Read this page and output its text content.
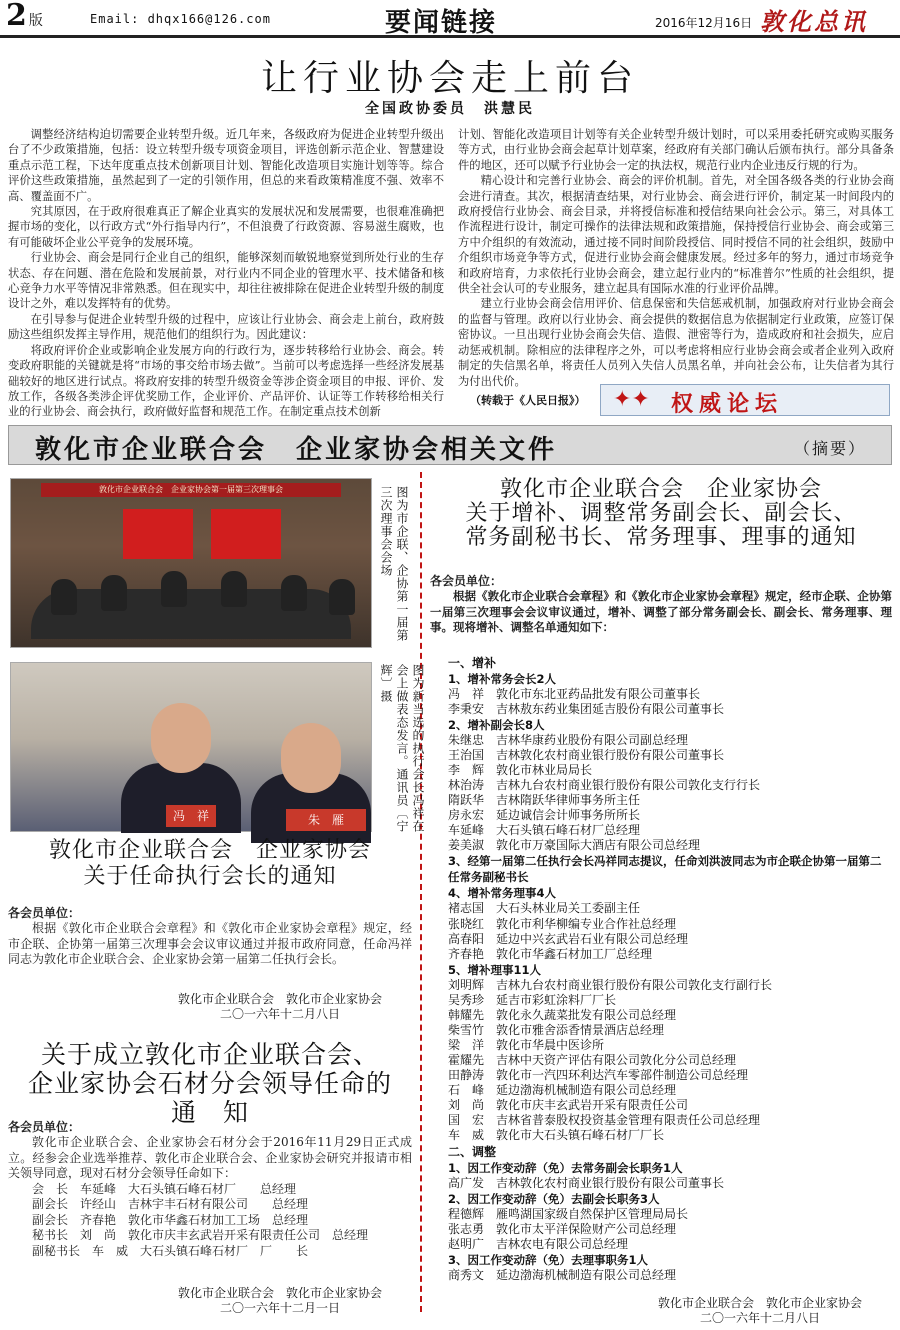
2 版	Email: dhqx166@126.com	要闻链接	2016年12月16日 敦化总讯
让行业协会走上前台
全国政协委员　洪慧民

调整经济结构迫切需要企业转型升级。近几年来，各级政府为促进企业转型升级出台了不少政策措施，包括：设立转型升级专项资金项目，评选创新示范企业、智慧建设重点示范工程，下达年度重点技术创新项目计划、智能化改造项目实施计划等等。综合评价这些政策措施，虽然起到了一定的引领作用，但总的来看政策精准度不强、效率不高、覆盖面不广。

究其原因，在于政府很难真正了解企业真实的发展状况和发展需要，也很难准确把握市场的变化，以行政方式“外行指导内行”，不但浪费了行政资源、容易滋生腐败，也有可能破坏企业公平竞争的发展环境。

行业协会、商会是同行企业自己的组织，能够深刻而敏锐地察觉到所处行业的生存状态、存在问题、潜在危险和发展前景，对行业内不同企业的管理水平、技术储备和核心竞争力水平等情况非常熟悉。但在现实中，却往往被排除在促进企业转型升级的制度设计之外，难以发挥特有的优势。

在引导参与促进企业转型升级的过程中，应该让行业协会、商会走上前台，政府鼓励这些组织发挥主导作用，规范他们的组织行为。因此建议：

将政府评价企业或影响企业发展方向的行政行为，逐步转移给行业协会、商会。转变政府职能的关键就是将“市场的事交给市场去做”。当前可以考虑选择一些经济发展基础较好的地区进行试点。将政府安排的转型升级资金等涉企资金项目的申报、评价、发放工作，各级各类涉企评优奖励工作，企业评价、产品评价、认证等工作转移给相关行业的行业协会、商会执行，政府做好监督和规范工作。在制定重点技术创新

计划、智能化改造项目计划等有关企业转型升级计划时，可以采用委托研究或购买服务等方式，由行业协会商会起草计划草案，经政府有关部门确认后颁布执行。部分具备条件的地区，还可以赋予行业协会一定的执法权，规范行业内企业违反行规的行为。

精心设计和完善行业协会、商会的评价机制。首先，对全国各级各类的行业协会商会进行清查。其次，根据清查结果，对行业协会、商会进行评价，制定某一时间段内的政府授信行业协会、商会目录，并将授信标准和授信结果向社会公示。第三，对具体工作流程进行设计，制定可操作的法律法规和政策措施，保持授信行业协会、商会或第三方中介组织的有效流动，通过接不同时间阶段授信、同时授信不同的社会组织，鼓励中介组织市场竞争等方式，促进行业协会商会健康发展。经过多年的努力，通过市场竞争和政府培育，力求依托行业协会商会，建立起行业内的“标准普尔”性质的社会组织，提供全社会认可的专业服务，建立起具有国际水准的行业评价品牌。

建立行业协会商会信用评价、信息保密和失信惩戒机制，加强政府对行业协会商会的监督与管理。政府以行业协会、商会提供的数据信息为依据制定行业政策，应签订保密协议。一旦出现行业协会商会失信、造假、泄密等行为，造成政府和社会损失，应启动惩戒机制。除相应的法律程序之外，可以考虑将相应行业协会商会或者企业列入政府制定的失信黑名单，将责任人员列入失信人员黑名单，并向社会公布，让失信者为其行为付出代价。

（转载于《人民日报》） ✦✦ 权威论坛
敦化市企业联合会　企业家协会相关文件	（摘要）
敦化市企业联合会　企业家协会第一届第三次理事会	图为市企联、企协第一届第三次理事会会场
冯　祥	朱　雁	图为新当选的执行会长冯祥在会上做表态发言。通讯员〔宁辉〕摄
敦化市企业联合会　企业家协会
关于任命执行会长的通知

各会员单位：

根据《敦化市企业联合会章程》和《敦化市企业家协会章程》规定，经市企联、企协第一届第三次理事会会议审议通过并报市政府同意，任命冯祥同志为敦化市企业联合会、企业家协会第一届第二任执行会长。

敦化市企业联合会　敦化市企业家协会
二〇一六年十二月八日
关于成立敦化市企业联合会、
企业家协会石材分会领导任命的
通　知

各会员单位：

敦化市企业联合会、企业家协会石材分会于2016年11月29日正式成立。经参会企业选举推荐、敦化市企业联合会、企业家协会研究并报请市相关领导同意，现对石材分会领导任命如下：

会　长　车延峰　大石头镇石峰石材厂　　总经理
副会长　许经山　吉林宇丰石材有限公司　　总经理
副会长　齐春艳　敦化市华鑫石材加工工场　总经理
秘书长　刘　尚　敦化市庆丰玄武岩开采有限责任公司　总经理
副秘书长　车　威　大石头镇石峰石材厂　厂　　长
敦化市企业联合会　敦化市企业家协会
二〇一六年十二月一日
敦化市企业联合会　企业家协会
关于增补、调整常务副会长、副会长、
常务副秘书长、常务理事、理事的通知

各会员单位：

根据《敦化市企业联合会章程》和《敦化市企业家协会章程》规定，经市企联、企协第一届第三次理事会会议审议通过，增补、调整了部分常务副会长、副会长、常务理事、理事。现将增补、调整名单通知如下：

一、增补
1、增补常务会长2人
冯　祥　敦化市东北亚药品批发有限公司董事长
李秉安　吉林敖东药业集团延吉股份有限公司董事长
2、增补副会长8人
朱继忠　吉林华康药业股份有限公司副总经理
王治国　吉林敦化农村商业银行股份有限公司董事长
李　辉　敦化市林业局局长
林治涛　吉林九台农村商业银行股份有限公司敦化支行行长
隋跃华　吉林隋跃华律师事务所主任
房永宏　延边诚信会计师事务所所长
车延峰　大石头镇石峰石材厂总经理
姜美淑　敦化市万豪国际大酒店有限公司总经理
3、经第一届第二任执行会长冯祥同志提议，任命刘洪波同志为市企联企协第一届第二任常务副秘书长
4、增补常务理事4人
褚志国　大石头林业局关工委副主任
张晓红　敦化市利华柳编专业合作社总经理
高春阳　延边中兴玄武岩石业有限公司总经理
齐春艳　敦化市华鑫石材加工厂总经理
5、增补理事11人
刘明辉　吉林九台农村商业银行股份有限公司敦化支行副行长
吴秀珍　延吉市彩虹涂料厂厂长
韩耀先　敦化永久蔬菜批发有限公司总经理
柴雪竹　敦化市雅舍添香情景酒店总经理
梁　洋　敦化市华晨中医诊所
霍耀先　吉林中天资产评估有限公司敦化分公司总经理
田静涛　敦化市一汽四环利达汽车零部件制造公司总经理
石　峰　延边渤海机械制造有限公司总经理
刘　尚　敦化市庆丰玄武岩开采有限责任公司
国　宏　吉林省普泰股权投资基金管理有限责任公司总经理
车　威　敦化市大石头镇石峰石材厂厂长
二、调整
1、因工作变动辞（免）去常务副会长职务1人
高广发　吉林敦化农村商业银行股份有限公司董事长
2、因工作变动辞（免）去副会长职务3人
程德辉　雁鸣湖国家级自然保护区管理局局长
张志勇　敦化市太平洋保险财产公司总经理
赵明广　吉林农电有限公司总经理
3、因工作变动辞（免）去理事职务1人
商秀文　延边渤海机械制造有限公司总经理
敦化市企业联合会　敦化市企业家协会
二〇一六年十二月八日
